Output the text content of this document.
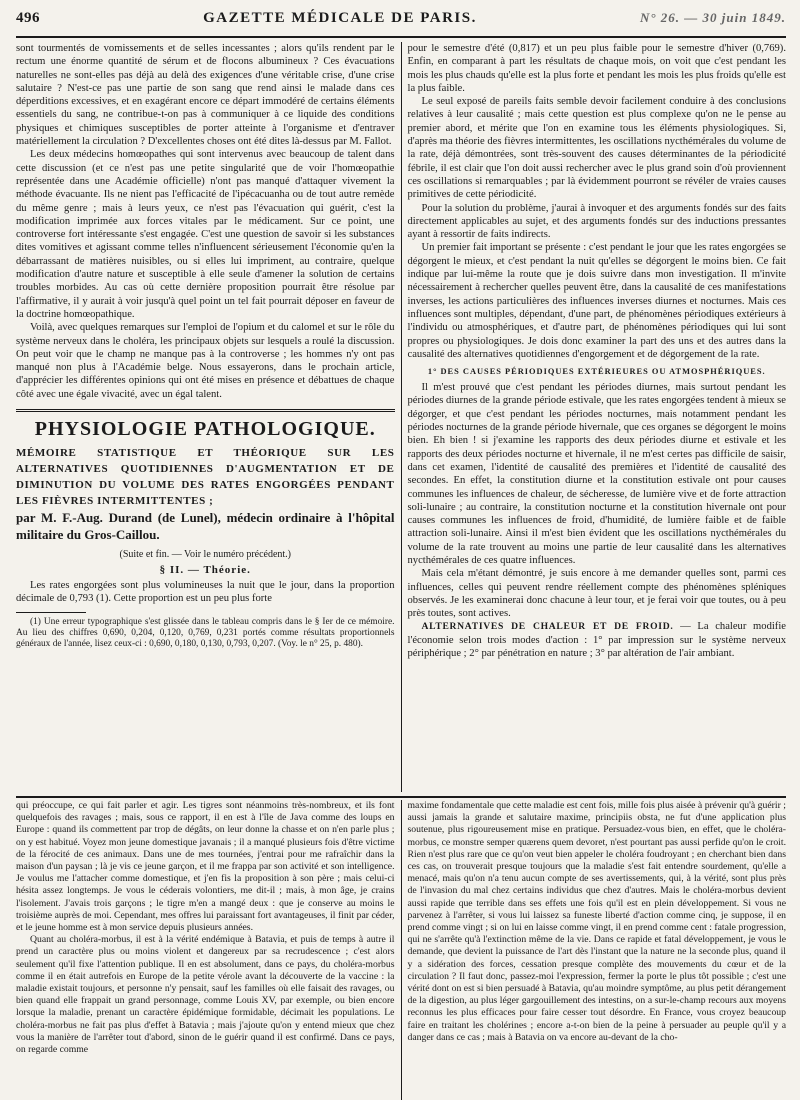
496	GAZETTE MÉDICALE DE PARIS.	N° 26. — 30 juin 1849.

sont tourmentés de vomissements et de selles incessantes ; alors qu'ils rendent par le rectum une énorme quantité de sérum et de flocons albumineux ? Ces évacuations naturelles ne sont-elles pas déjà au delà des exigences d'une véritable crise, d'une crise salutaire ? N'est-ce pas une partie de son sang que rend ainsi le malade dans ces déperditions excessives, et en exagérant encore ce départ immodéré de certains éléments essentiels du sang, ne contribue-t-on pas à communiquer à ce liquide des conditions physiques et chimiques susceptibles de porter atteinte à l'organisme et d'entraver matériellement la circulation ? D'excellentes choses ont été dites là-dessus par M. Fallot.

Les deux médecins homœopathes qui sont intervenus avec beaucoup de talent dans cette discussion (et ce n'est pas une petite singularité que de voir l'homœopathie représentée dans une Académie officielle) n'ont pas manqué d'attaquer vivement la méthode évacuante. Ils ne nient pas l'efficacité de l'ipécacuanha ou de tout autre remède du même genre ; mais à leurs yeux, ce n'est pas l'évacuation qui guérit, c'est la modification imprimée aux forces vitales par le médicament. Sur ce point, une controverse fort intéressante s'est engagée. C'est une question de savoir si les substances dites vomitives et agissant comme telles n'influencent sérieusement l'économie qu'en la débarrassant de matières nuisibles, ou si elles lui impriment, au contraire, quelque modification d'autre nature et susceptible à elle seule d'amener la solution de certains troubles morbides. Au cas où cette dernière proposition pourrait être résolue par l'affirmative, il y aurait à voir jusqu'à quel point un tel fait pourrait déposer en faveur de la doctrine homœopathique.

Voilà, avec quelques remarques sur l'emploi de l'opium et du calomel et sur le rôle du système nerveux dans le choléra, les principaux objets sur lesquels a roulé la discussion. On peut voir que le champ ne manque pas à la controverse ; les hommes n'y ont pas manqué non plus à l'Académie belge. Nous essayerons, dans le prochain article, d'apprécier les différentes opinions qui ont été mises en présence et débattues de chaque côté avec une égale vivacité, avec un égal talent.

PHYSIOLOGIE PATHOLOGIQUE.
MÉMOIRE STATISTIQUE ET THÉORIQUE SUR LES ALTERNATIVES QUOTIDIENNES D'AUGMENTATION ET DE DIMINUTION DU VOLUME DES RATES ENGORGÉES PENDANT LES FIÈVRES INTERMITTENTES ;
par M. F.-Aug. Durand (de Lunel), médecin ordinaire à l'hôpital militaire du Gros-Caillou.
(Suite et fin. — Voir le numéro précédent.)
§ II. — Théorie.

Les rates engorgées sont plus volumineuses la nuit que le jour, dans la proportion décimale de 0,793 (1). Cette proportion est un peu plus forte

(1) Une erreur typographique s'est glissée dans le tableau compris dans le § Ier de ce mémoire. Au lieu des chiffres 0,690, 0,204, 0,120, 0,769, 0,231 portés comme résultats proportionnels généraux de l'année, lisez ceux-ci : 0,690, 0,180, 0,130, 0,793, 0,207. (Voy. le n° 25, p. 480).

pour le semestre d'été (0,817) et un peu plus faible pour le semestre d'hiver (0,769). Enfin, en comparant à part les résultats de chaque mois, on voit que c'est pendant les mois les plus chauds qu'elle est la plus forte et pendant les mois les plus froids qu'elle est la plus faible.

Le seul exposé de pareils faits semble devoir facilement conduire à des conclusions relatives à leur causalité ; mais cette question est plus complexe qu'on ne le pense au premier abord, et mérite que l'on en examine tous les éléments physiologiques. Si, d'après ma théorie des fièvres intermittentes, les oscillations nycthémérales du volume de la rate, déjà démontrées, sont très-souvent des causes déterminantes de la périodicité fébrile, il est clair que l'on doit aussi rechercher avec le plus grand soin d'où proviennent ces oscillations si remarquables ; par là évidemment pourront se révéler de vraies causes primitives de cette périodicité.

Pour la solution du problème, j'aurai à invoquer et des arguments fondés sur des faits directement applicables au sujet, et des arguments fondés sur des inductions pressantes ayant à ressortir de faits indirects.

Un premier fait important se présente : c'est pendant le jour que les rates engorgées se dégorgent le mieux, et c'est pendant la nuit qu'elles se dégorgent le moins bien. Ce fait indique par lui-même la route que je dois suivre dans mon investigation. Il m'invite nécessairement à rechercher quelles peuvent être, dans la causalité de ces manifestations inverses, les actions particulières des influences inverses diurnes et nocturnes. Mais ces influences sont multiples, dépendant, d'une part, de phénomènes périodiques extérieurs à l'individu ou atmosphériques, et d'autre part, de phénomènes périodiques qui lui sont propres ou physiologiques. Je dois donc examiner la part des uns et des autres dans la causalité des alternatives quotidiennes d'engorgement et de dégorgement de la rate.

1° DES CAUSES PÉRIODIQUES EXTÉRIEURES OU ATMOSPHÉRIQUES.

Il m'est prouvé que c'est pendant les périodes diurnes, mais surtout pendant les périodes diurnes de la grande période estivale, que les rates engorgées tendent à mieux se dégorger, et que c'est pendant les périodes nocturnes, mais notamment pendant les périodes nocturnes de la grande période hivernale, que ces organes se dégorgent le moins bien. Eh bien ! si j'examine les rapports des deux périodes diurne et estivale et les rapports des deux périodes nocturne et hivernale, il ne m'est certes pas difficile de saisir, dans cet examen, l'identité de causalité des premières et l'identité de causalité des secondes. En effet, la constitution diurne et la constitution estivale ont pour causes communes les influences de chaleur, de sécheresse, de lumière vive et de forte attraction soli-lunaire ; au contraire, la constitution nocturne et la constitution hivernale ont pour causes communes les influences de froid, d'humidité, de lumière faible et de faible attraction soli-lunaire. Ainsi il m'est bien évident que les oscillations nycthémérales du volume de la rate trouvent au moins une partie de leur causalité dans les alternatives nycthémérales de ces quatre influences.

Mais cela m'étant démontré, je suis encore à me demander quelles sont, parmi ces influences, celles qui peuvent rendre réellement compte des phénomènes spléniques observés. Je les examinerai donc chacune à leur tour, et je ferai voir que toutes, ou à peu près toutes, sont actives.

ALTERNATIVES DE CHALEUR ET DE FROID. — La chaleur modifie l'économie selon trois modes d'action : 1° par impression sur le système nerveux périphérique ; 2° par pénétration en nature ; 3° par altération de l'air ambiant.

qui préoccupe, ce qui fait parler et agir. Les tigres sont néanmoins très-nombreux, et ils font quelquefois des ravages ; mais, sous ce rapport, il en est à l'île de Java comme des loups en Europe : quand ils commettent par trop de dégâts, on leur donne la chasse et on n'en parle plus ; on y est habitué. Voyez mon jeune domestique javanais ; il a manqué plusieurs fois d'être victime de la férocité de ces animaux. Dans une de mes tournées, j'entrai pour me rafraîchir dans la maison d'un paysan ; là je vis ce jeune garçon, et il me frappa par son activité et son intelligence. Je voulus me l'attacher comme domestique, et j'en fis la proposition à son père ; mais celui-ci hésita assez longtemps. Je vous le céderais volontiers, me dit-il ; mais, à mon âge, je crains l'isolement. J'avais trois garçons ; le tigre m'en a mangé deux : que je conserve au moins le troisième auprès de moi. Cependant, mes offres lui paraissant fort avantageuses, il finit par céder, et le jeune homme est à mon service depuis plusieurs années.

Quant au choléra-morbus, il est à la vérité endémique à Batavia, et puis de temps à autre il prend un caractère plus ou moins violent et dangereux par sa recrudescence ; c'est alors seulement qu'il fixe l'attention publique. Il en est absolument, dans ce pays, du choléra-morbus comme il en était autrefois en Europe de la petite vérole avant la découverte de la vaccine : la maladie existait toujours, et personne n'y pensait, sauf les familles où elle faisait des ravages, ou bien quand elle frappait un grand personnage, comme Louis XV, par exemple, ou bien encore lorsque la maladie, prenant un caractère épidémique formidable, décimait les populations. Le choléra-morbus ne fait pas plus d'effet à Batavia ; mais j'ajoute qu'on y entend mieux que chez vous la manière de l'arrêter tout d'abord, sinon de le guérir quand il est confirmé. Dans ce pays, on regarde comme

maxime fondamentale que cette maladie est cent fois, mille fois plus aisée à prévenir qu'à guérir ; aussi jamais la grande et salutaire maxime, principiis obsta, ne fut d'une application plus soutenue, plus rigoureusement mise en pratique. Persuadez-vous bien, en effet, que le choléra-morbus, ce monstre semper quærens quem devoret, n'est pourtant pas aussi perfide qu'on le croit. Rien n'est plus rare que ce qu'on veut bien appeler le choléra foudroyant ; en cherchant bien dans ces cas, on trouverait presque toujours que la maladie s'est fait entendre sourdement, qu'elle a menacé, mais qu'on n'a tenu aucun compte de ses avertissements, qui, à la vérité, sont plus près de l'invasion du mal chez certains individus que chez d'autres. Mais le choléra-morbus devient aussi rapide que terrible dans ses effets une fois qu'il est en plein développement. Si vous ne parvenez à l'arrêter, si vous lui laissez sa funeste liberté d'action comme cinq, je suppose, il en prend comme vingt ; si on lui en laisse comme vingt, il en prend comme cent : fatale progression, qui ne s'arrête qu'à l'extinction même de la vie. Dans ce rapide et fatal développement, je vous le demande, que devient la puissance de l'art dès l'instant que la nature ne la seconde plus, quand il y a sidération des forces, cessation presque complète des mouvements du cœur et de la circulation ? Il faut donc, passez-moi l'expression, fermer la porte le plus tôt possible ; c'est une vérité dont on est si bien persuadé à Batavia, qu'au moindre symptôme, au plus petit dérangement de la digestion, au plus léger gargouillement des intestins, on a sur-le-champ recours aux moyens reconnus les plus efficaces pour faire cesser tout désordre. En France, vous croyez beaucoup faire en traitant les cholérines ; encore a-t-on bien de la peine à persuader au peuple qu'il y a danger dans ce cas ; mais à Batavia on va encore au-devant de la cho-
